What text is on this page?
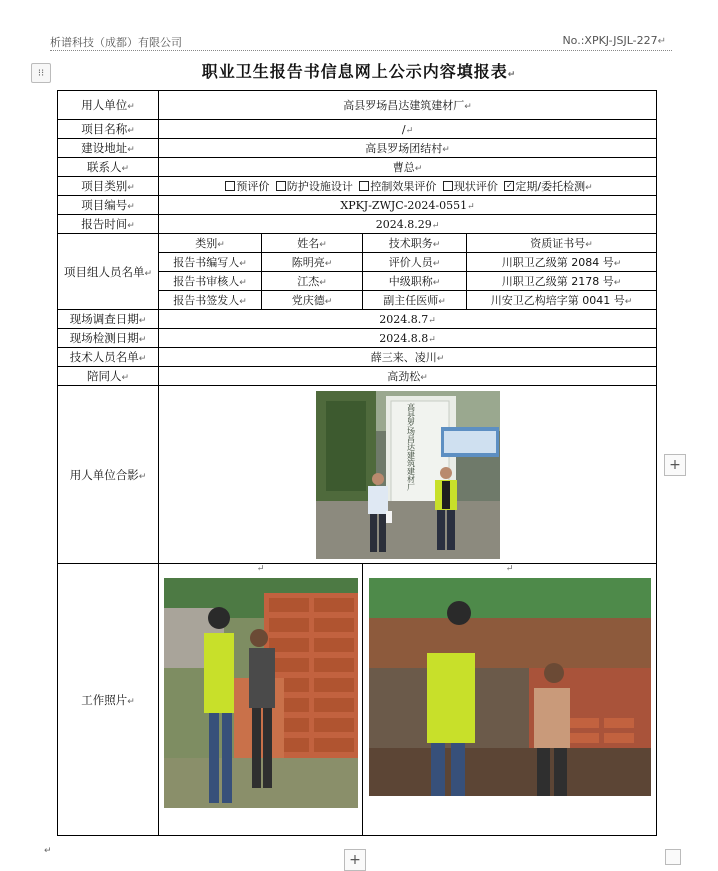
析谱科技（成都）有限公司	No.:XPKJ-JSJL-227↵
⁝⁝	职业卫生报告书信息网上公示内容填报表↵
用人单位↵	高县罗场昌达建筑建材厂↵			
项目名称↵	/↵			
建设地址↵	高县罗场团结村↵			
联系人↵	曹总↵			
项目类别↵	预评价 防护设施设计 控制效果评价 现状评价 ✓ 定期/委托检测↵			
项目编号↵	XPKJ-ZWJC-2024-0551↵			
报告时间↵	2024.8.29↵			
项目组人员名单↵	类别↵	姓名↵	技术职务↵	资质证书号↵
	报告书编写人↵	陈明亮↵	评价人员↵	川职卫乙级第 2084 号↵
	报告书审核人↵	江杰↵	中级职称↵	川职卫乙级第 2178 号↵
	报告书签发人↵	党庆德↵	副主任医师↵	川安卫乙构培字第 0041 号↵
现场调查日期↵	2024.8.7↵			
现场检测日期↵	2024.8.8↵			
技术人员名单↵	薛三来、凌川↵			
陪同人↵	高劲松↵			
用人单位合影↵	高县罗场昌达建筑建材厂			

工作照片↵	↵		↵	
+
+
↵
